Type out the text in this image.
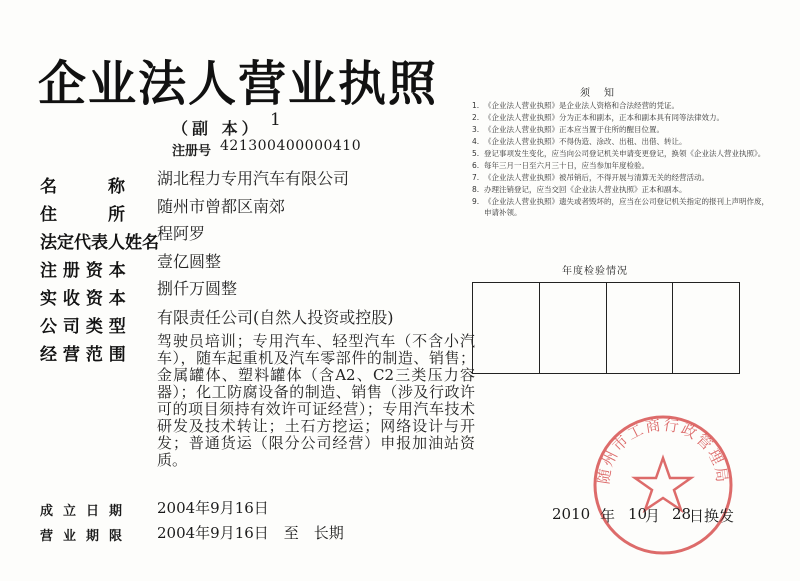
企业法人营业执照
（副 本） 1
注册号 421300400000410
名　　　称 湖北程力专用汽车有限公司
住　　　所 随州市曾都区南郊
法定代表人姓名
程阿罗
注 册 资 本 壹亿圆整
实 收 资 本
捌仟万圆整
公 司 类 型 有限责任公司(自然人投资或控股)
经 营 范 围
驾驶员培训；专用汽车、轻型汽车（不含小汽车），随车起重机及汽车零部件的制造、销售；金属罐体、塑料罐体（含A2、C2三类压力容器）；化工防腐设备的制造、销售（涉及行政许可的项目须持有效许可证经营）；专用汽车技术研发及技术转让；土石方挖运；网络设计与开发；普通货运（限分公司经营）申报加油站资质。
成立日期 2004年9月16日
营业期限 2004年9月16日　至　长期
须知
1. 《企业法人营业执照》是企业法人资格和合法经营的凭证。
2. 《企业法人营业执照》分为正本和副本，正本和副本具有同等法律效力。
3. 《企业法人营业执照》正本应当置于住所的醒目位置。
4. 《企业法人营业执照》不得伪造、涂改、出租、出借、转让。
5. 登记事项发生变化，应当向公司登记机关申请变更登记，换领《企业法人营业执照》。
6. 每年三月一日至六月三十日，应当参加年度检验。
7. 《企业法人营业执照》被吊销后，不得开展与清算无关的经营活动。
8. 办理注销登记，应当交回《企业法人营业执照》正本和副本。
9. 《企业法人营业执照》遗失或者毁坏的，应当在公司登记机关指定的报刊上声明作废，申请补领。
年度检验情况
随州市工商行政管理局
2010 年 10
月 28
日 换发
